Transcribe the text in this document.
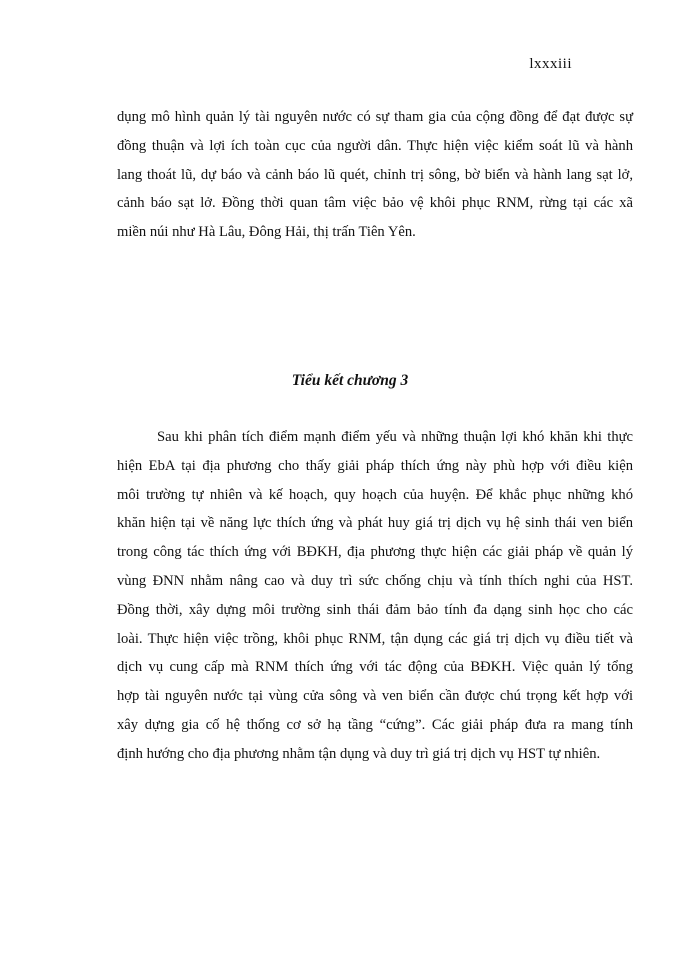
lxxxiii
dụng mô hình quản lý tài nguyên nước có sự tham gia của cộng đồng để đạt được sự
đồng thuận và lợi ích toàn cục của người dân. Thực hiện việc kiểm soát lũ và hành
lang thoát lũ, dự báo và cảnh báo lũ quét, chỉnh trị sông, bờ biển và hành lang sạt lở,
cảnh báo sạt lở. Đồng thời quan tâm việc bảo vệ khôi phục RNM, rừng tại các xã
miền núi như Hà Lâu, Đông Hải, thị trấn Tiên Yên.
Tiểu kết chương 3
Sau khi phân tích điểm mạnh điểm yếu và những thuận lợi khó khăn khi thực
hiện EbA tại địa phương cho thấy giải pháp thích ứng này phù hợp với điều kiện
môi trường tự nhiên và kế hoạch, quy hoạch của huyện. Để khắc phục những khó
khăn hiện tại về năng lực thích ứng và phát huy giá trị dịch vụ hệ sinh thái ven biển
trong công tác thích ứng với BĐKH, địa phương thực hiện các giải pháp về quản lý
vùng ĐNN nhằm nâng cao và duy trì sức chống chịu và tính thích nghi của HST.
Đồng thời, xây dựng môi trường sinh thái đảm bảo tính đa dạng sinh học cho các
loài. Thực hiện việc trồng, khôi phục RNM, tận dụng các giá trị dịch vụ điều tiết và
dịch vụ cung cấp mà RNM thích ứng với tác động của BĐKH. Việc quản lý tổng
hợp tài nguyên nước tại vùng cửa sông và ven biển cần được chú trọng kết hợp với
xây dựng gia cố hệ thống cơ sở hạ tầng “cứng”. Các giải pháp đưa ra mang tính
định hướng cho địa phương nhằm tận dụng và duy trì giá trị dịch vụ HST tự nhiên.
